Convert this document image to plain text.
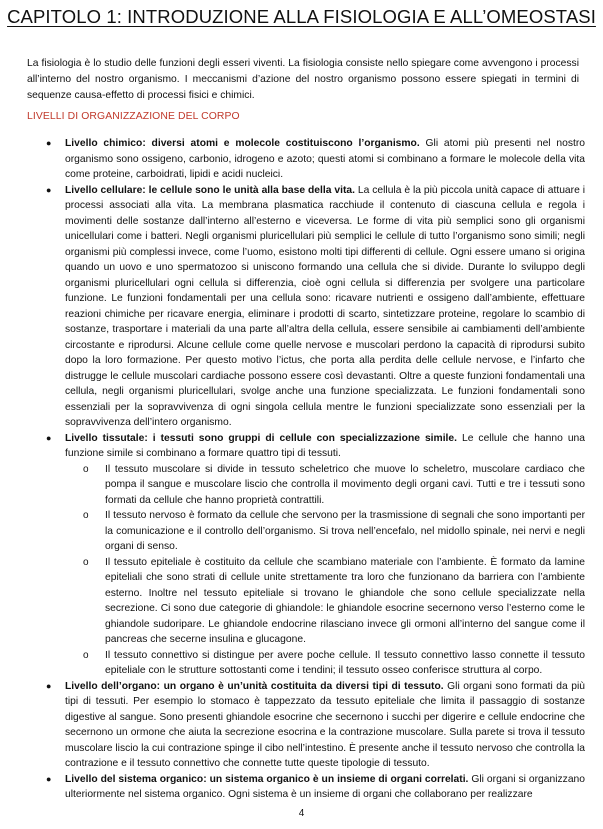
CAPITOLO 1: INTRODUZIONE ALLA FISIOLOGIA E ALL’OMEOSTASI

La fisiologia è lo studio delle funzioni degli esseri viventi. La fisiologia consiste nello spiegare come avvengono i processi all’interno del nostro organismo. I meccanismi d’azione del nostro organismo possono essere spiegati in termini di sequenze causa-effetto di processi fisici e chimici.

LIVELLI DI ORGANIZZAZIONE DEL CORPO

● Livello chimico: diversi atomi e molecole costituiscono l’organismo. Gli atomi più presenti nel nostro organismo sono ossigeno, carbonio, idrogeno e azoto; questi atomi si combinano a formare le molecole della vita come proteine, carboidrati, lipidi e acidi nucleici.
● Livello cellulare: le cellule sono le unità alla base della vita. La cellula è la più piccola unità capace di attuare i processi associati alla vita. La membrana plasmatica racchiude il contenuto di ciascuna cellula e regola i movimenti delle sostanze dall’interno all’esterno e viceversa. Le forme di vita più semplici sono gli organismi unicellulari come i batteri. Negli organismi pluricellulari più semplici le cellule di tutto l’organismo sono simili; negli organismi più complessi invece, come l’uomo, esistono molti tipi differenti di cellule. Ogni essere umano si origina quando un uovo e uno spermatozoo si uniscono formando una cellula che si divide. Durante lo sviluppo degli organismi pluricellulari ogni cellula si differenzia, cioè ogni cellula si differenzia per svolgere una particolare funzione. Le funzioni fondamentali per una cellula sono: ricavare nutrienti e ossigeno dall’ambiente, effettuare reazioni chimiche per ricavare energia, eliminare i prodotti di scarto, sintetizzare proteine, regolare lo scambio di sostanze, trasportare i materiali da una parte all’altra della cellula, essere sensibile ai cambiamenti dell’ambiente circostante e riprodursi. Alcune cellule come quelle nervose e muscolari perdono la capacità di riprodursi subito dopo la loro formazione. Per questo motivo l’ictus, che porta alla perdita delle cellule nervose, e l’infarto che distrugge le cellule muscolari cardiache possono essere così devastanti. Oltre a queste funzioni fondamentali una cellula, negli organismi pluricellulari, svolge anche una funzione specializzata. Le funzioni fondamentali sono essenziali per la sopravvivenza di ogni singola cellula mentre le funzioni specializzate sono essenziali per la sopravvivenza dell’intero organismo.
● Livello tissutale: i tessuti sono gruppi di cellule con specializzazione simile. Le cellule che hanno una funzione simile si combinano a formare quattro tipi di tessuti.
o Il tessuto muscolare si divide in tessuto scheletrico che muove lo scheletro, muscolare cardiaco che pompa il sangue e muscolare liscio che controlla il movimento degli organi cavi. Tutti e tre i tessuti sono formati da cellule che hanno proprietà contrattili.
o Il tessuto nervoso è formato da cellule che servono per la trasmissione di segnali che sono importanti per la comunicazione e il controllo dell’organismo. Si trova nell’encefalo, nel midollo spinale, nei nervi e negli organi di senso.
o Il tessuto epiteliale è costituito da cellule che scambiano materiale con l’ambiente. È formato da lamine epiteliali che sono strati di cellule unite strettamente tra loro che funzionano da barriera con l’ambiente esterno. Inoltre nel tessuto epiteliale si trovano le ghiandole che sono cellule specializzate nella secrezione. Ci sono due categorie di ghiandole: le ghiandole esocrine secernono verso l’esterno come le ghiandole sudoripare. Le ghiandole endocrine rilasciano invece gli ormoni all’interno del sangue come il pancreas che secerne insulina e glucagone.
o Il tessuto connettivo si distingue per avere poche cellule. Il tessuto connettivo lasso connette il tessuto epiteliale con le strutture sottostanti come i tendini; il tessuto osseo conferisce struttura al corpo.
● Livello dell’organo: un organo è un’unità costituita da diversi tipi di tessuto. Gli organi sono formati da più tipi di tessuti. Per esempio lo stomaco è tappezzato da tessuto epiteliale che limita il passaggio di sostanze digestive al sangue. Sono presenti ghiandole esocrine che secernono i succhi per digerire e cellule endocrine che secernono un ormone che aiuta la secrezione esocrina e la contrazione muscolare. Sulla parete si trova il tessuto muscolare liscio la cui contrazione spinge il cibo nell’intestino. È presente anche il tessuto nervoso che controlla la contrazione e il tessuto connettivo che connette tutte queste tipologie di tessuto.
● Livello del sistema organico: un sistema organico è un insieme di organi correlati. Gli organi si organizzano ulteriormente nel sistema organico. Ogni sistema è un insieme di organi che collaborano per realizzare
4
